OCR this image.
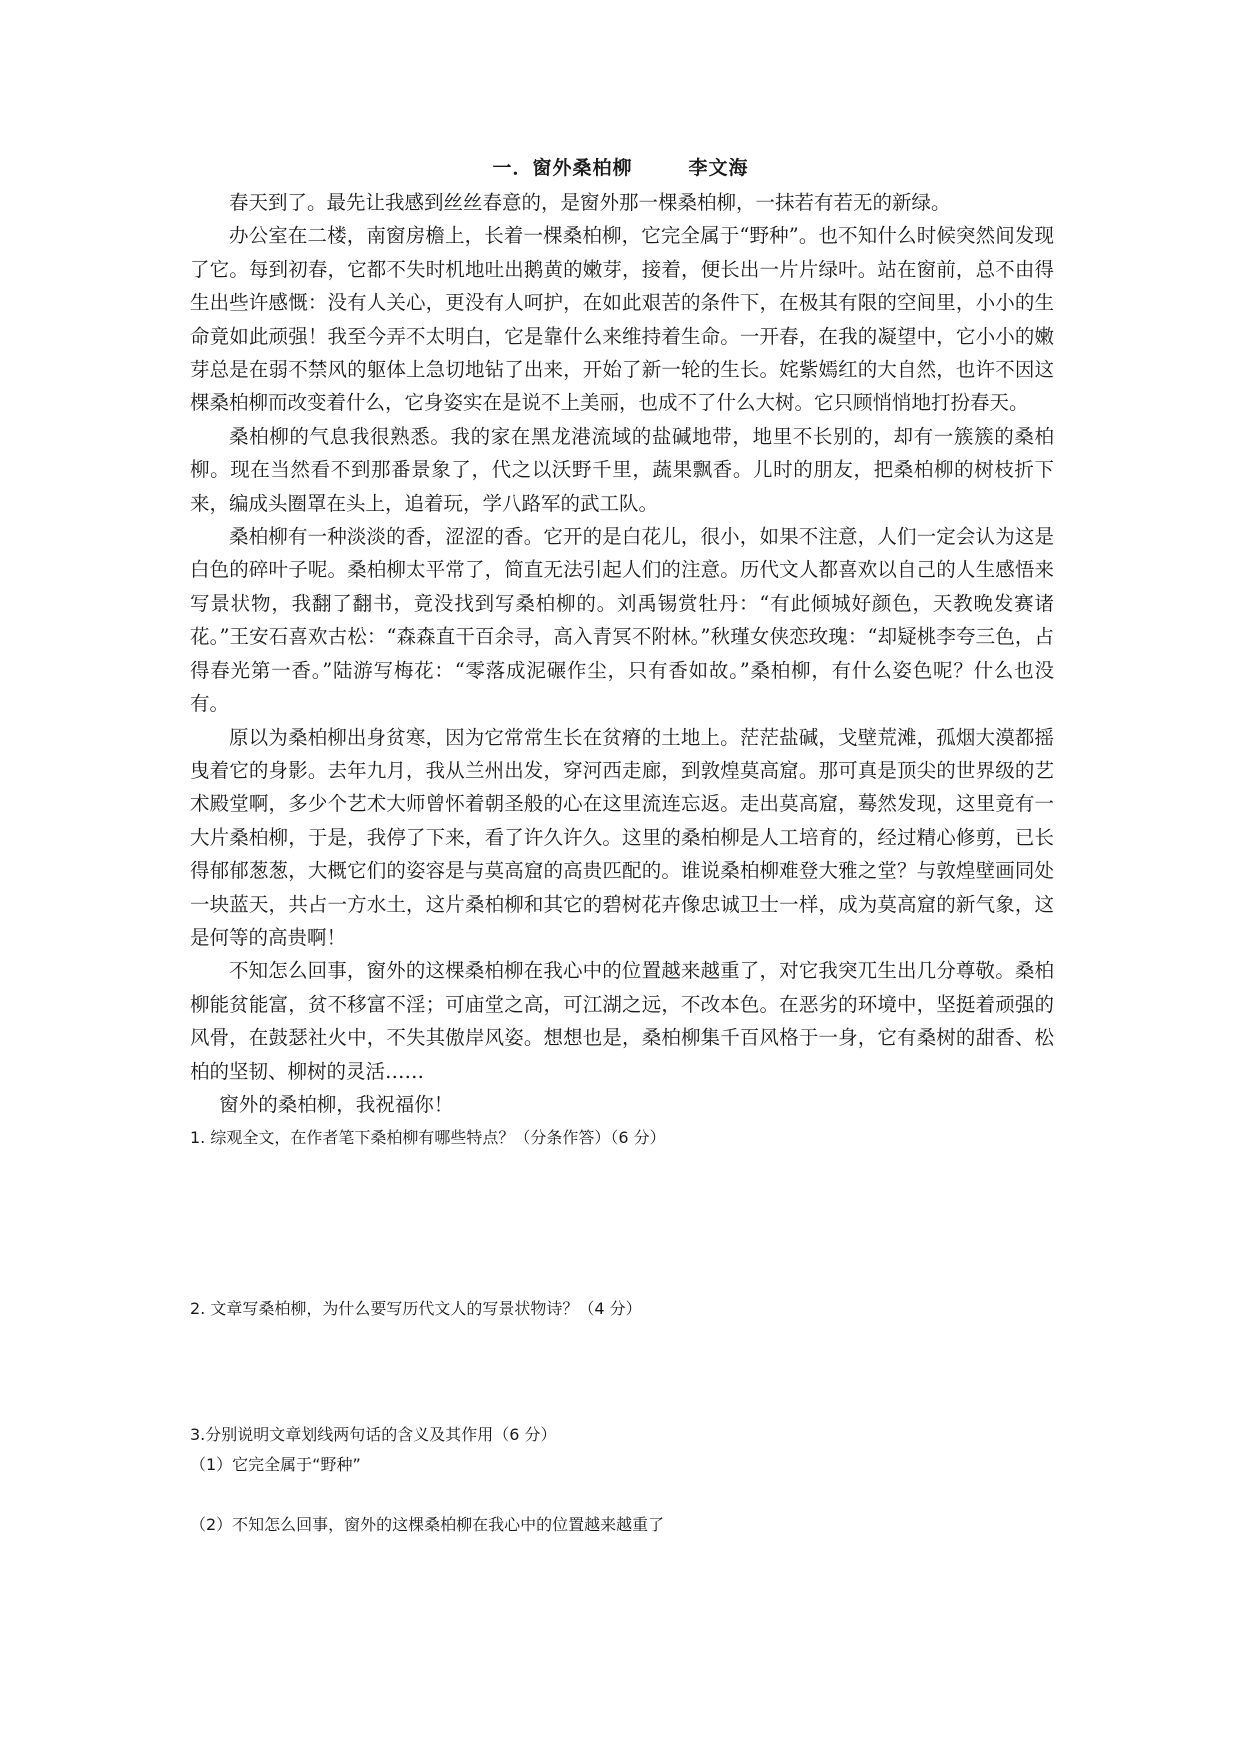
一．窗外桑柏柳	李文海

春天到了。最先让我感到丝丝春意的，是窗外那一棵桑柏柳，一抹若有若无的新绿。

办公室在二楼，南窗房檐上，长着一棵桑柏柳，它完全属于“野种”。也不知什么时候突然间发现了它。每到初春，它都不失时机地吐出鹅黄的嫩芽，接着，便长出一片片绿叶。站在窗前，总不由得生出些许感慨：没有人关心，更没有人呵护，在如此艰苦的条件下，在极其有限的空间里，小小的生命竟如此顽强！我至今弄不太明白，它是靠什么来维持着生命。一开春，在我的凝望中，它小小的嫩芽总是在弱不禁风的躯体上急切地钻了出来，开始了新一轮的生长。姹紫嫣红的大自然，也许不因这棵桑柏柳而改变着什么，它身姿实在是说不上美丽，也成不了什么大树。它只顾悄悄地打扮春天。

桑柏柳的气息我很熟悉。我的家在黑龙港流域的盐碱地带，地里不长别的，却有一簇簇的桑柏柳。现在当然看不到那番景象了，代之以沃野千里，蔬果飘香。儿时的朋友，把桑柏柳的树枝折下来，编成头圈罩在头上，追着玩，学八路军的武工队。

桑柏柳有一种淡淡的香，涩涩的香。它开的是白花儿，很小，如果不注意，人们一定会认为这是白色的碎叶子呢。桑柏柳太平常了，简直无法引起人们的注意。历代文人都喜欢以自己的人生感悟来写景状物，我翻了翻书，竟没找到写桑柏柳的。刘禹锡赏牡丹：“有此倾城好颜色，天教晚发赛诸花。”王安石喜欢古松：“森森直干百余寻，高入青冥不附林。”秋瑾女侠恋玫瑰：“却疑桃李夸三色，占得春光第一香。”陆游写梅花：“零落成泥碾作尘，只有香如故。”桑柏柳，有什么姿色呢？什么也没有。

原以为桑柏柳出身贫寒，因为它常常生长在贫瘠的土地上。茫茫盐碱，戈壁荒滩，孤烟大漠都摇曳着它的身影。去年九月，我从兰州出发，穿河西走廊，到敦煌莫高窟。那可真是顶尖的世界级的艺术殿堂啊，多少个艺术大师曾怀着朝圣般的心在这里流连忘返。走出莫高窟，蓦然发现，这里竟有一大片桑柏柳，于是，我停了下来，看了许久许久。这里的桑柏柳是人工培育的，经过精心修剪，已长得郁郁葱葱，大概它们的姿容是与莫高窟的高贵匹配的。谁说桑柏柳难登大雅之堂？与敦煌壁画同处一块蓝天，共占一方水土，这片桑柏柳和其它的碧树花卉像忠诚卫士一样，成为莫高窟的新气象，这是何等的高贵啊！

不知怎么回事，窗外的这棵桑柏柳在我心中的位置越来越重了，对它我突兀生出几分尊敬。桑柏柳能贫能富，贫不移富不淫；可庙堂之高，可江湖之远，不改本色。在恶劣的环境中，坚挺着顽强的风骨，在鼓瑟社火中，不失其傲岸风姿。想想也是，桑柏柳集千百风格于一身，它有桑树的甜香、松柏的坚韧、柳树的灵活……

窗外的桑柏柳，我祝福你！

1. 综观全文，在作者笔下桑柏柳有哪些特点？（分条作答）（6 分）
2. 文章写桑柏柳，为什么要写历代文人的写景状物诗？（4 分）
3.分别说明文章划线两句话的含义及其作用（6 分）
（1）它完全属于“野种”
（2）不知怎么回事，窗外的这棵桑柏柳在我心中的位置越来越重了
